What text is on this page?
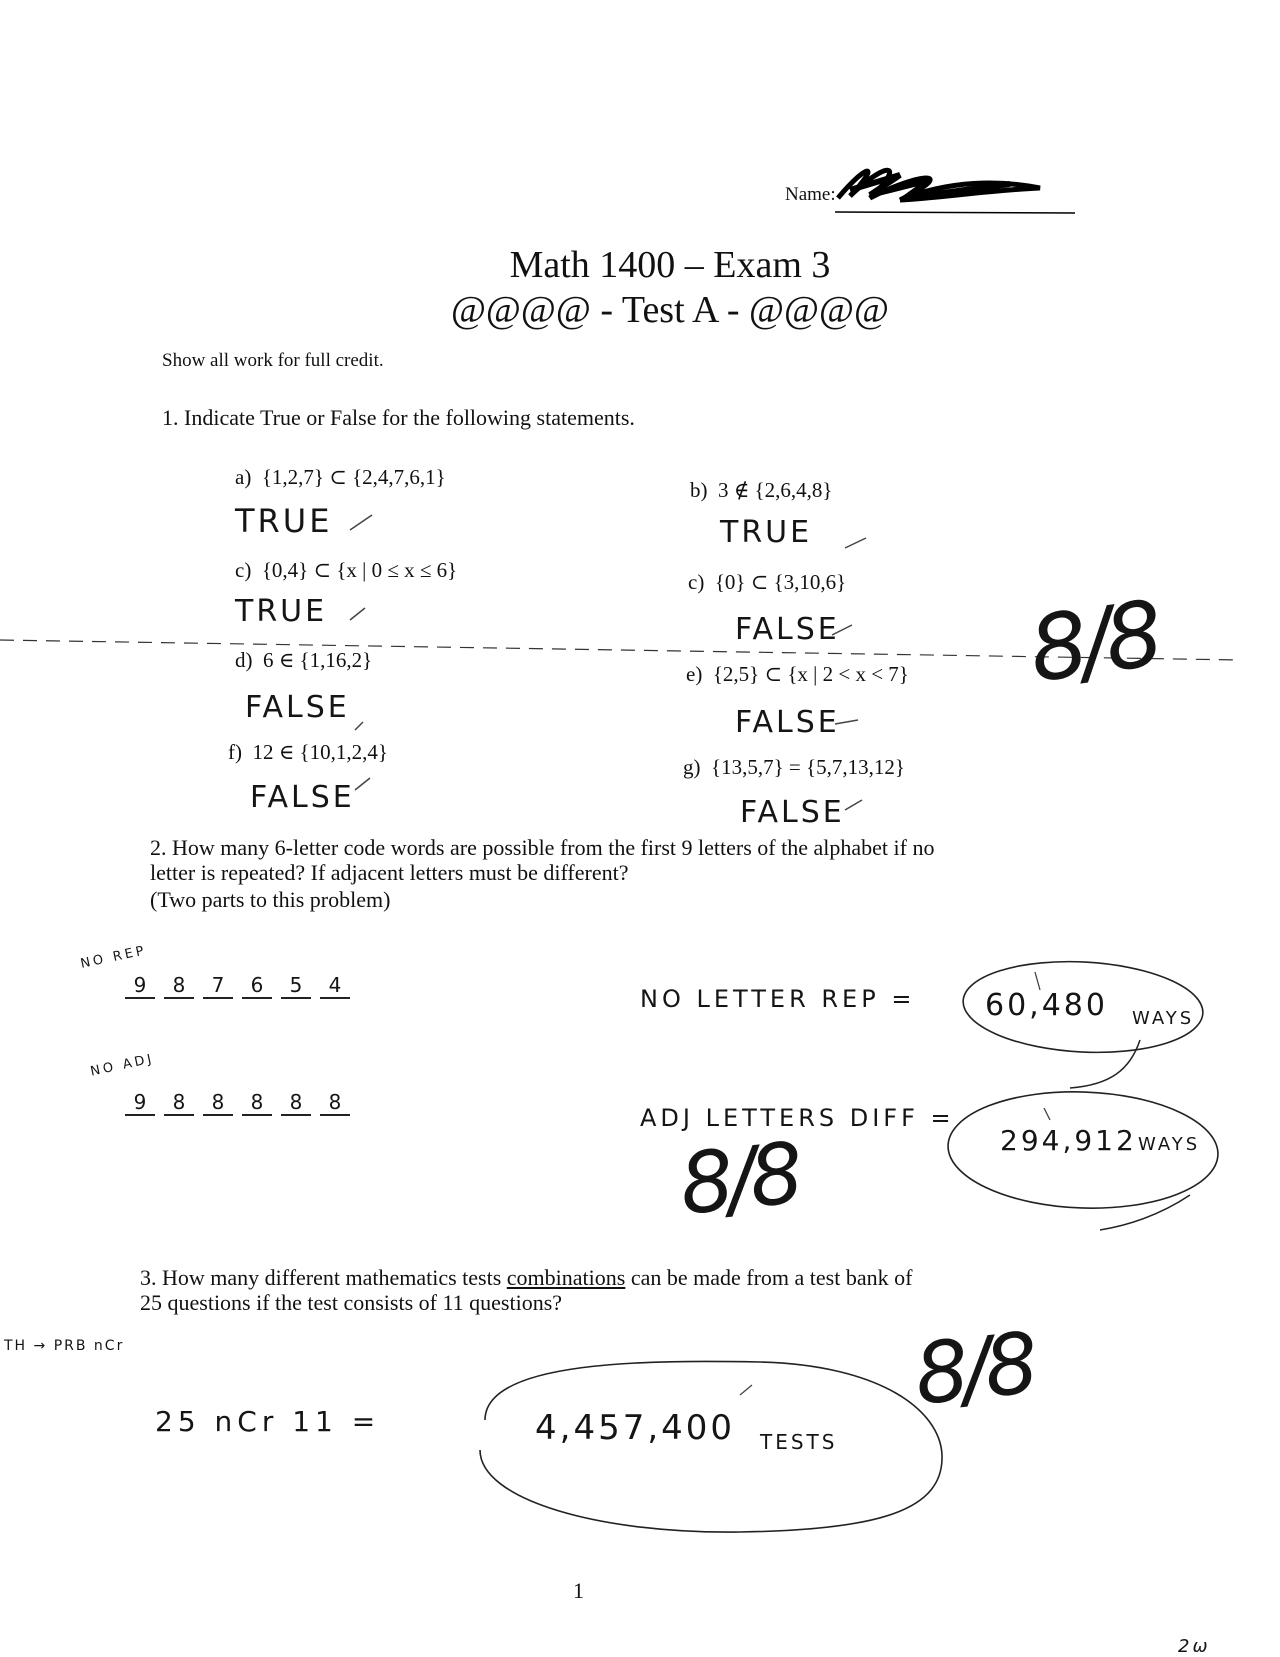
Name:
Math 1400 – Exam 3
@@@@ - Test A - @@@@
Show all work for full credit.
1. Indicate True or False for the following statements.
a) {1,2,7} ⊂ {2,4,7,6,1}
TRUE
b) 3 ∉ {2,6,4,8}
TRUE
c) {0,4} ⊂ {x | 0 ≤ x ≤ 6}
TRUE
c) {0} ⊂ {3,10,6}
FALSE
d) 6 ∈ {1,16,2}
FALSE
e) {2,5} ⊂ {x | 2 < x < 7}
FALSE
f) 12 ∈ {10,1,2,4}
FALSE
g) {13,5,7} = {5,7,13,12}
FALSE
8/8
2. How many 6-letter code words are possible from the first 9 letters of the alphabet if no
letter is repeated? If adjacent letters must be different?
(Two parts to this problem)
NO REP
9 8 7 6 5 4
NO ADJ
9 8 8 8 8 8
NO LETTER REP = 60,480 WAYS
ADJ LETTERS DIFF =
294,912 WAYS
8/8
3. How many different mathematics tests combinations can be made from a test bank of
25 questions if the test consists of 11 questions?
TH → PRB nCr
25 nCr 11 =	4,457,400 TESTS
8/8
1
2ω
